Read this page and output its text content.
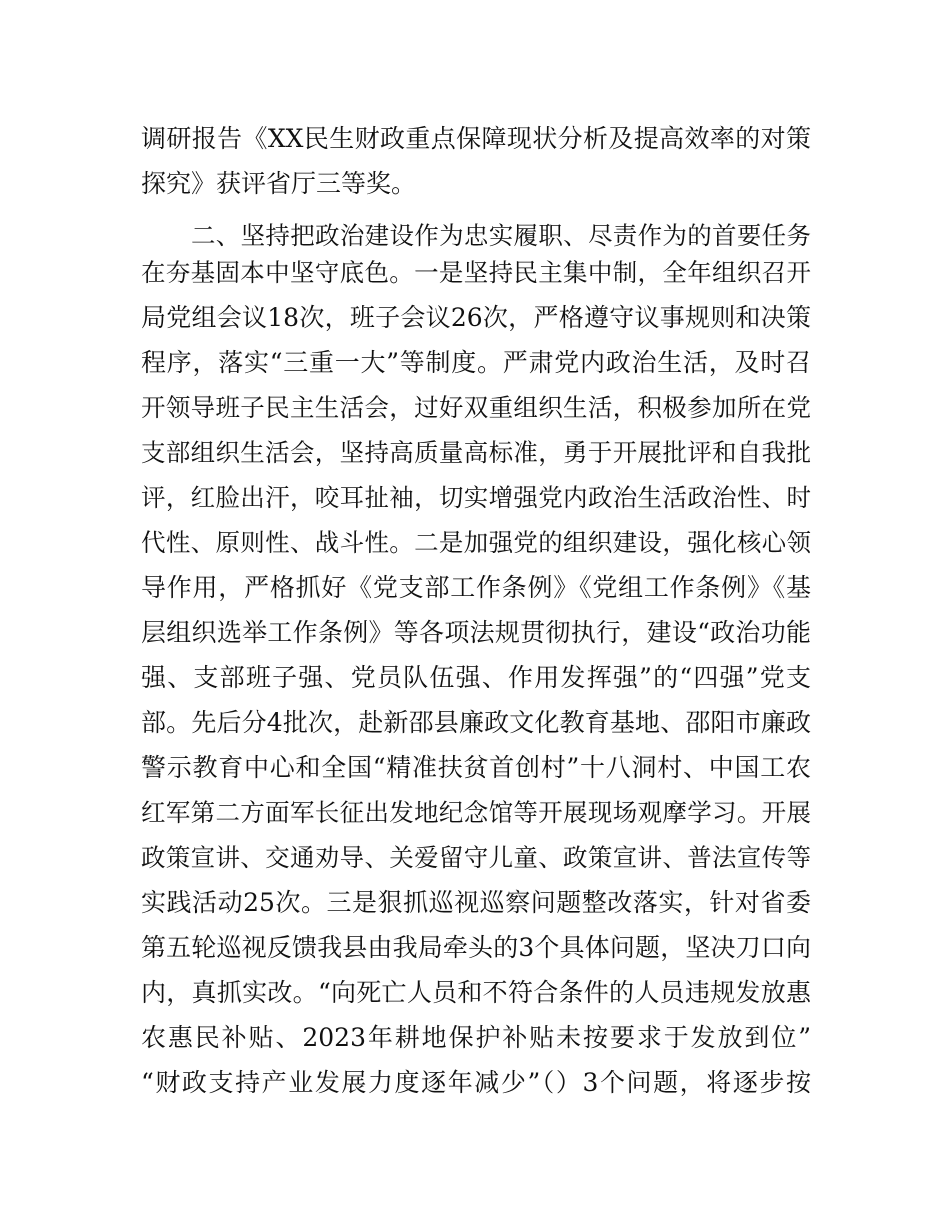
调研报告《XX民生财政重点保障现状分析及提高效率的对策
探究》获评省厅三等奖。
二、坚持把政治建设作为忠实履职、尽责作为的首要任务
在夯基固本中坚守底色。一是坚持民主集中制，全年组织召开
局党组会议18次，班子会议26次，严格遵守议事规则和决策
程序，落实“三重一大”等制度。严肃党内政治生活，及时召
开领导班子民主生活会，过好双重组织生活，积极参加所在党
支部组织生活会，坚持高质量高标准，勇于开展批评和自我批
评，红脸出汗，咬耳扯袖，切实增强党内政治生活政治性、时
代性、原则性、战斗性。二是加强党的组织建设，强化核心领
导作用，严格抓好《党支部工作条例》《党组工作条例》《基
层组织选举工作条例》等各项法规贯彻执行，建设“政治功能
强、支部班子强、党员队伍强、作用发挥强”的“四强”党支
部。先后分4批次，赴新邵县廉政文化教育基地、邵阳市廉政
警示教育中心和全国“精准扶贫首创村”十八洞村、中国工农
红军第二方面军长征出发地纪念馆等开展现场观摩学习。开展
政策宣讲、交通劝导、关爱留守儿童、政策宣讲、普法宣传等
实践活动25次。三是狠抓巡视巡察问题整改落实，针对省委
第五轮巡视反馈我县由我局牵头的3个具体问题，坚决刀口向
内，真抓实改。“向死亡人员和不符合条件的人员违规发放惠
农惠民补贴、2023年耕地保护补贴未按要求于发放到位”
“财政支持产业发展力度逐年减少”（）3个问题，将逐步按
